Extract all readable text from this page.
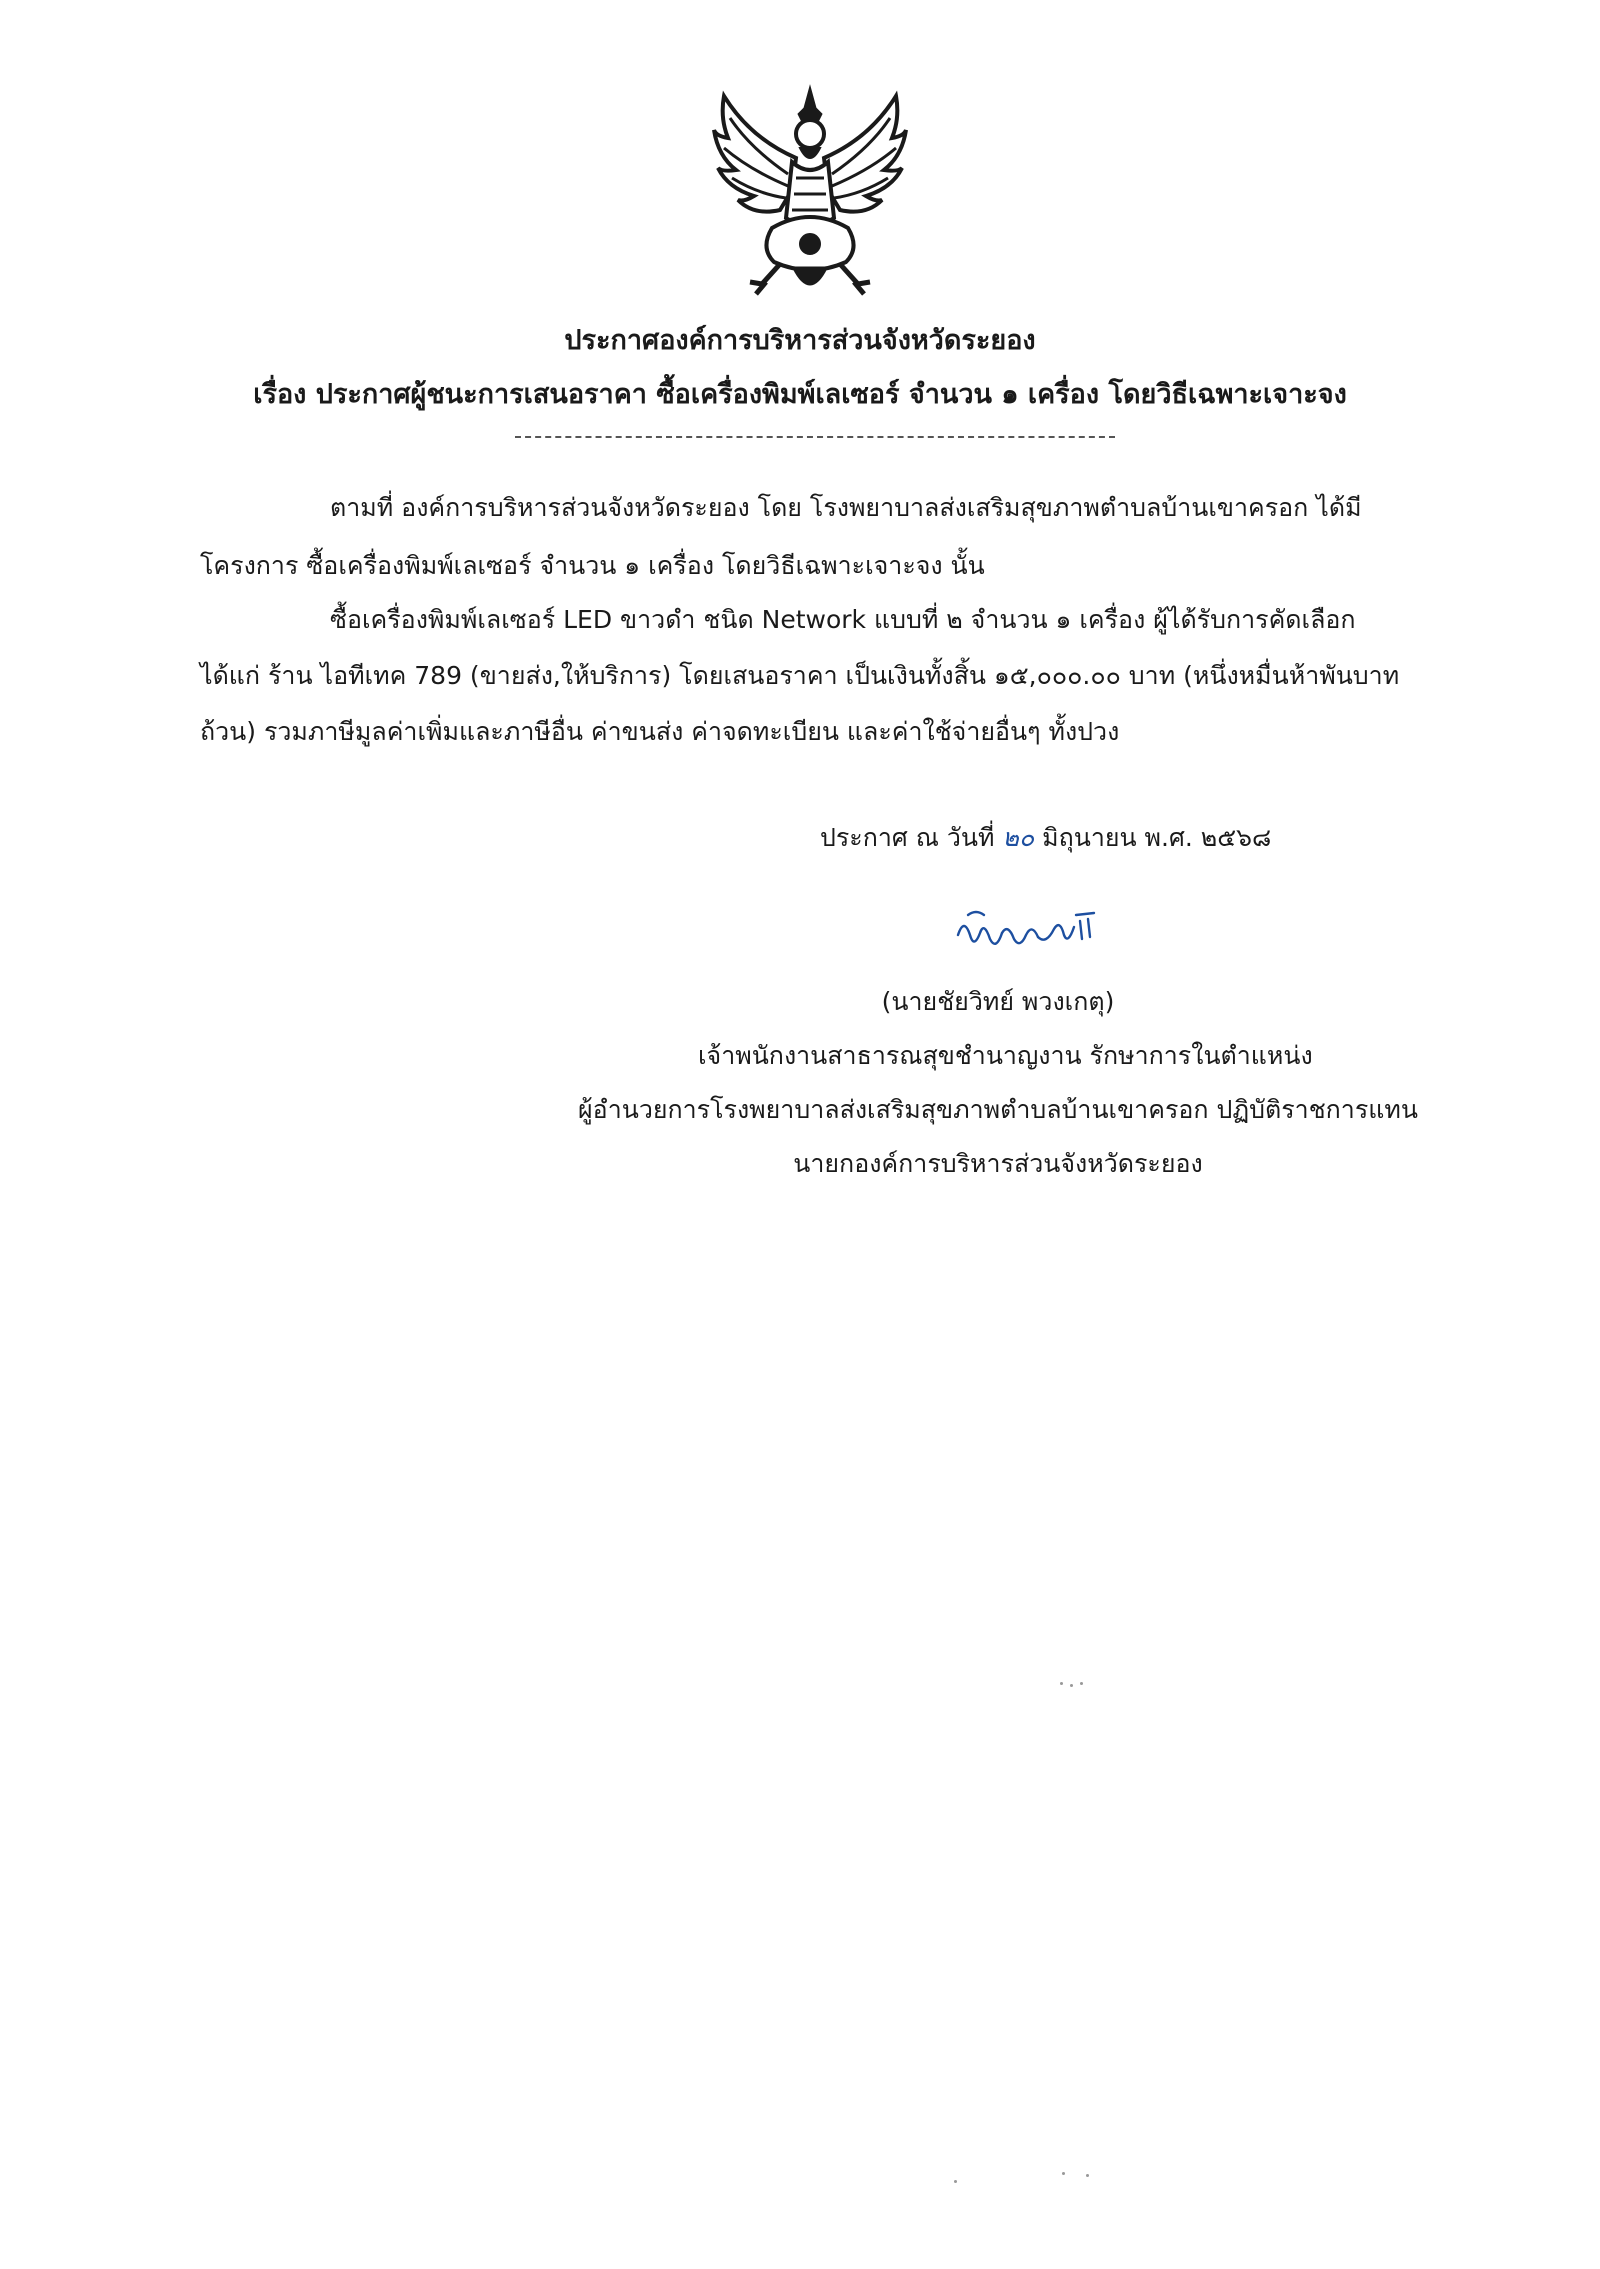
ประกาศองค์การบริหารส่วนจังหวัดระยอง
เรื่อง ประกาศผู้ชนะการเสนอราคา ซื้อเครื่องพิมพ์เลเซอร์ จำนวน ๑ เครื่อง โดยวิธีเฉพาะเจาะจง
ตามที่ องค์การบริหารส่วนจังหวัดระยอง โดย โรงพยาบาลส่งเสริมสุขภาพตำบลบ้านเขาครอก ได้มี
โครงการ ซื้อเครื่องพิมพ์เลเซอร์ จำนวน ๑ เครื่อง โดยวิธีเฉพาะเจาะจง นั้น
ซื้อเครื่องพิมพ์เลเซอร์ LED ขาวดำ ชนิด Network แบบที่ ๒ จำนวน ๑ เครื่อง ผู้ได้รับการคัดเลือก
ได้แก่ ร้าน ไอทีเทค 789 (ขายส่ง,ให้บริการ) โดยเสนอราคา เป็นเงินทั้งสิ้น ๑๕,๐๐๐.๐๐ บาท (หนึ่งหมื่นห้าพันบาท
ถ้วน) รวมภาษีมูลค่าเพิ่มและภาษีอื่น ค่าขนส่ง ค่าจดทะเบียน และค่าใช้จ่ายอื่นๆ ทั้งปวง
ประกาศ ณ วันที่ ๒๐ มิถุนายน พ.ศ. ๒๕๖๘
(นายชัยวิทย์ พวงเกตุ)
เจ้าพนักงานสาธารณสุขชำนาญงาน รักษาการในตำแหน่ง
ผู้อำนวยการโรงพยาบาลส่งเสริมสุขภาพตำบลบ้านเขาครอก ปฏิบัติราชการแทน
นายกองค์การบริหารส่วนจังหวัดระยอง
